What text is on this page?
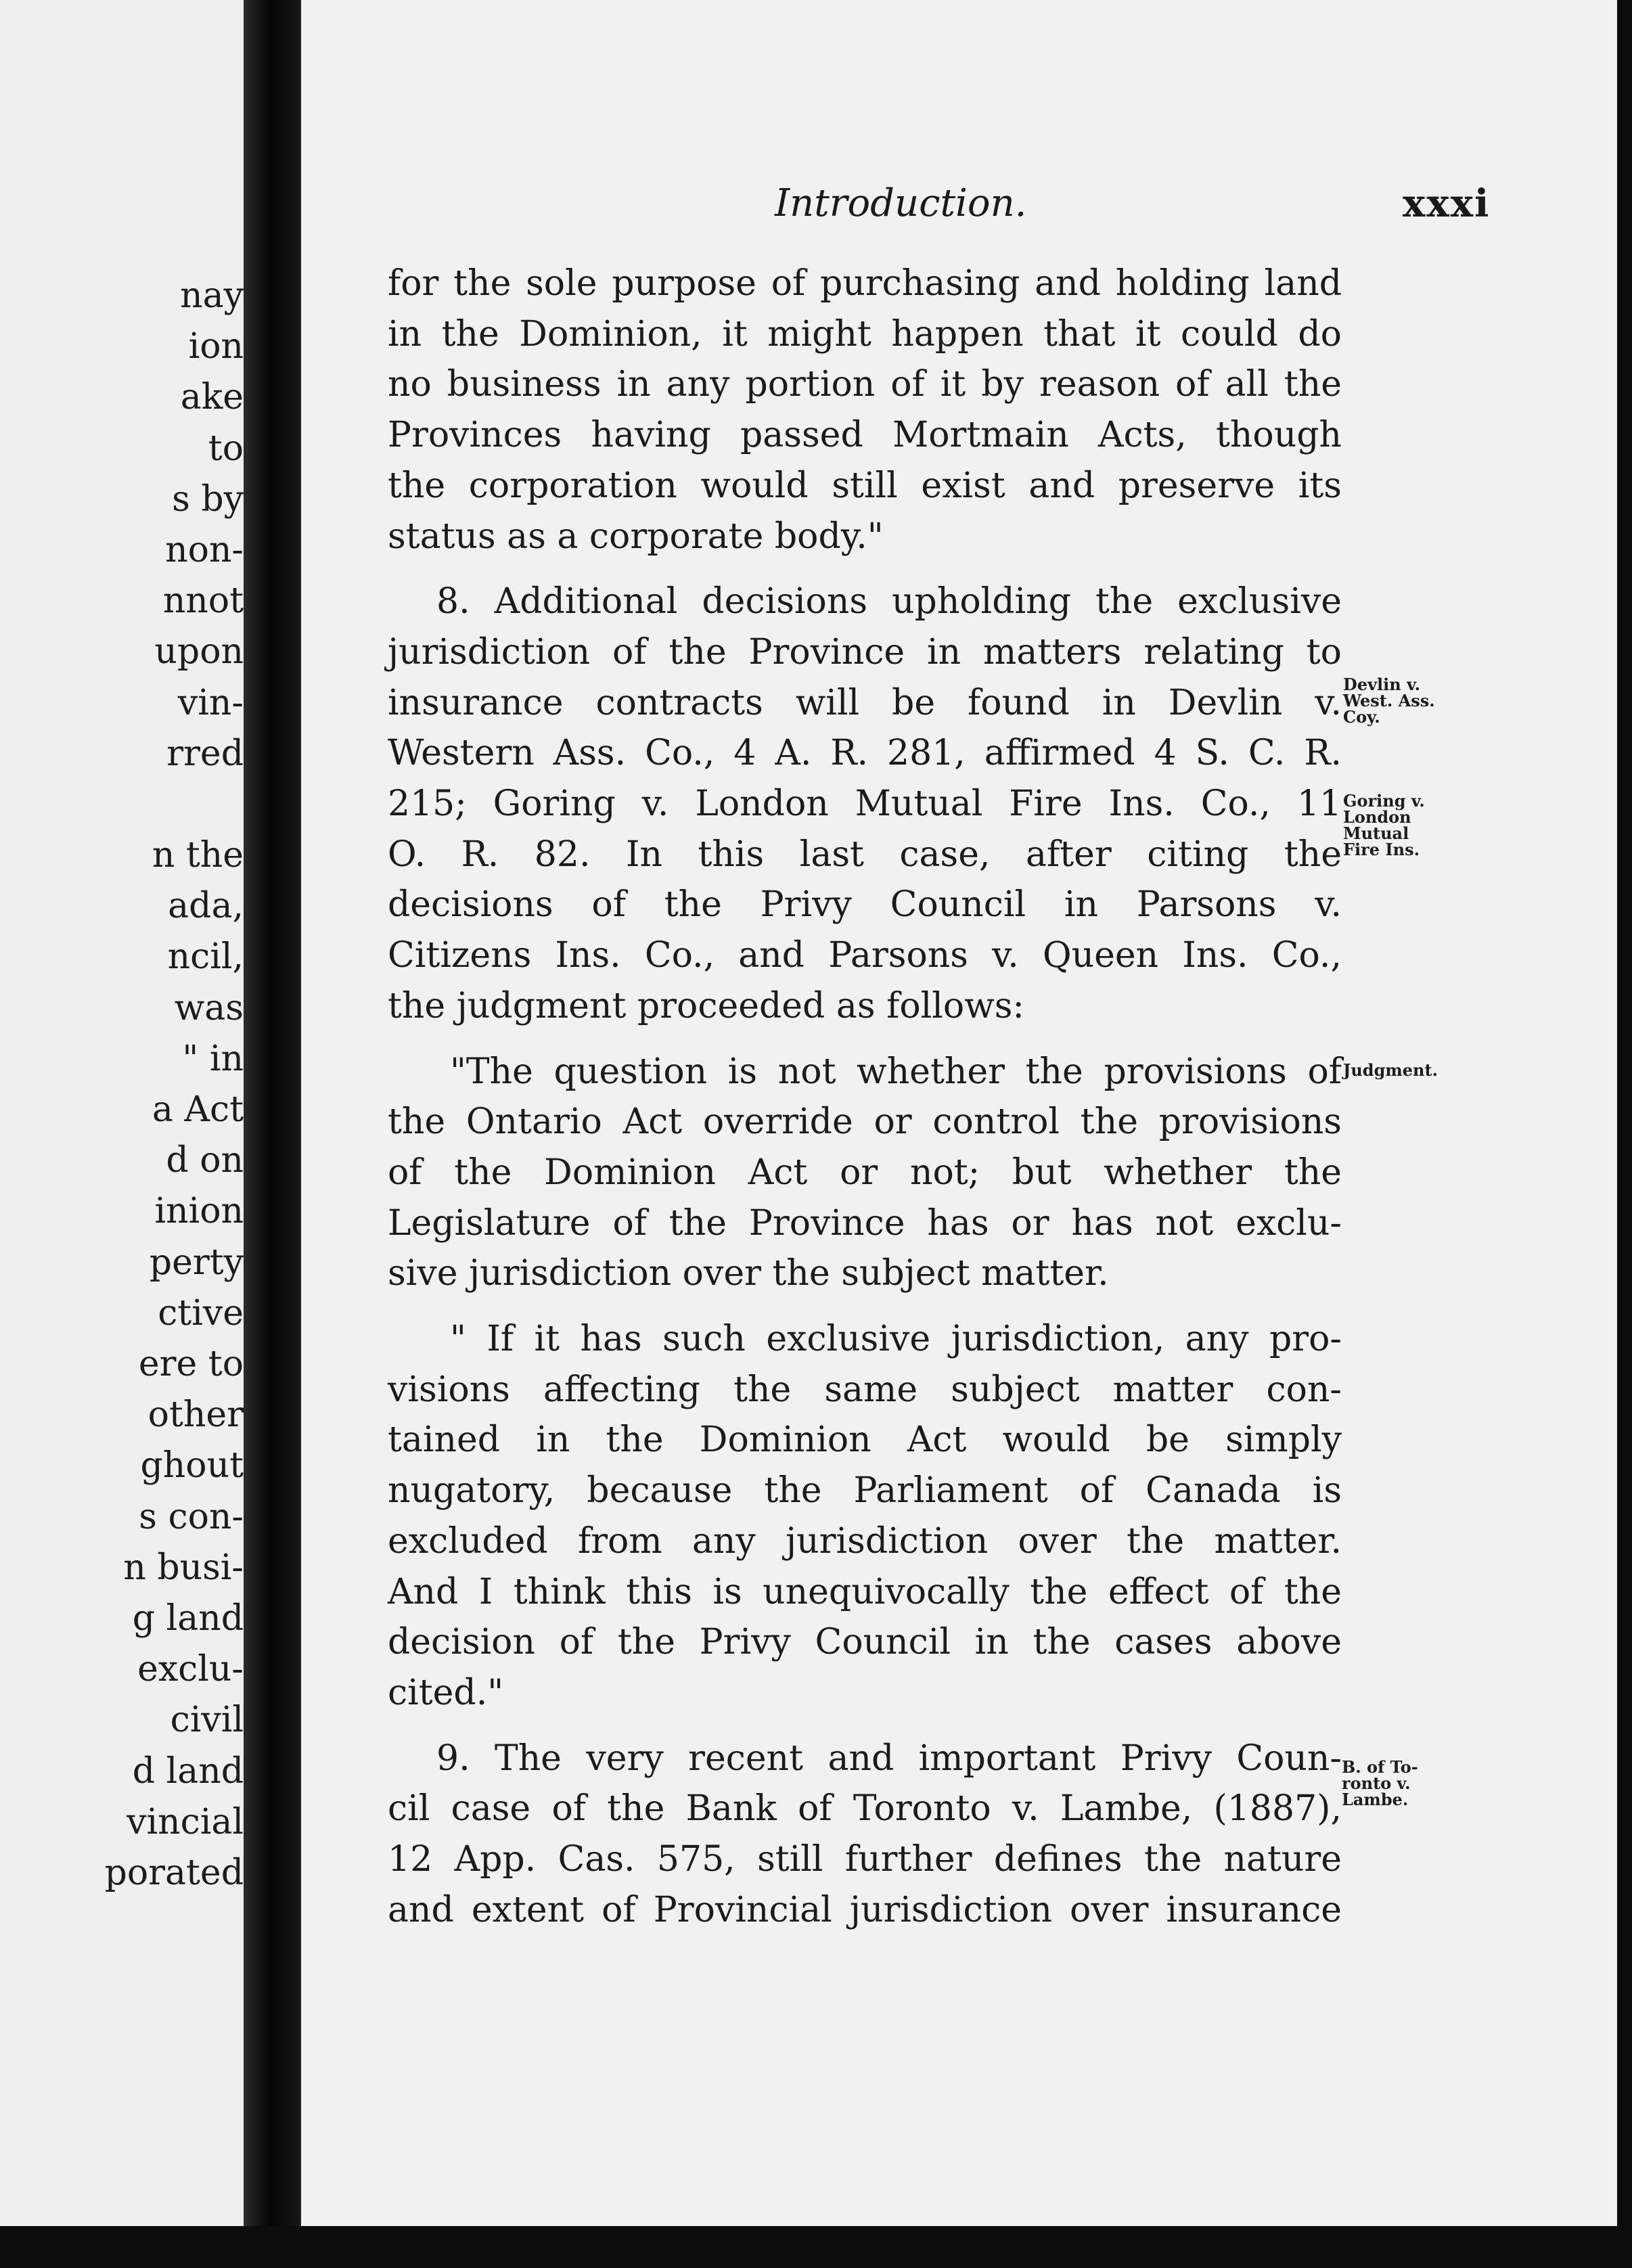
nay
ion
ake
to
s by
non-
nnot
upon
vin-
rred
n the
ada,
ncil,
was
" in
a Act
d on
inion
perty
ctive
ere to
other
ghout
s con-
n busi-
g land
exclu-
civil
d land
vincial
porated
Introduction.	xxxi
for the sole purpose of purchasing and holding land
in the Dominion, it might happen that it could do
no business in any portion of it by reason of all the
Provinces having passed Mortmain Acts, though
the corporation would still exist and preserve its
status as a corporate body."
8. Additional decisions upholding the exclusive
jurisdiction of the Province in matters relating to
insurance contracts will be found in Devlin v.
Western Ass. Co., 4 A. R. 281, affirmed 4 S. C. R.
215; Goring v. London Mutual Fire Ins. Co., 11
O. R. 82. In this last case, after citing the
decisions of the Privy Council in Parsons v.
Citizens Ins. Co., and Parsons v. Queen Ins. Co.,
the judgment proceeded as follows:
"The question is not whether the provisions of
the Ontario Act override or control the provisions
of the Dominion Act or not; but whether the
Legislature of the Province has or has not exclu-
sive jurisdiction over the subject matter.
" If it has such exclusive jurisdiction, any pro-
visions affecting the same subject matter con-
tained in the Dominion Act would be simply
nugatory, because the Parliament of Canada is
excluded from any jurisdiction over the matter.
And I think this is unequivocally the effect of the
decision of the Privy Council in the cases above
cited."
9. The very recent and important Privy Coun-
cil case of the Bank of Toronto v. Lambe, (1887),
12 App. Cas. 575, still further defines the nature
and extent of Provincial jurisdiction over insurance
Devlin v.
West. Ass.
Coy.
Goring v.
London
Mutual
Fire Ins.
Judgment.
B. of To-
ronto v.
Lambe.
